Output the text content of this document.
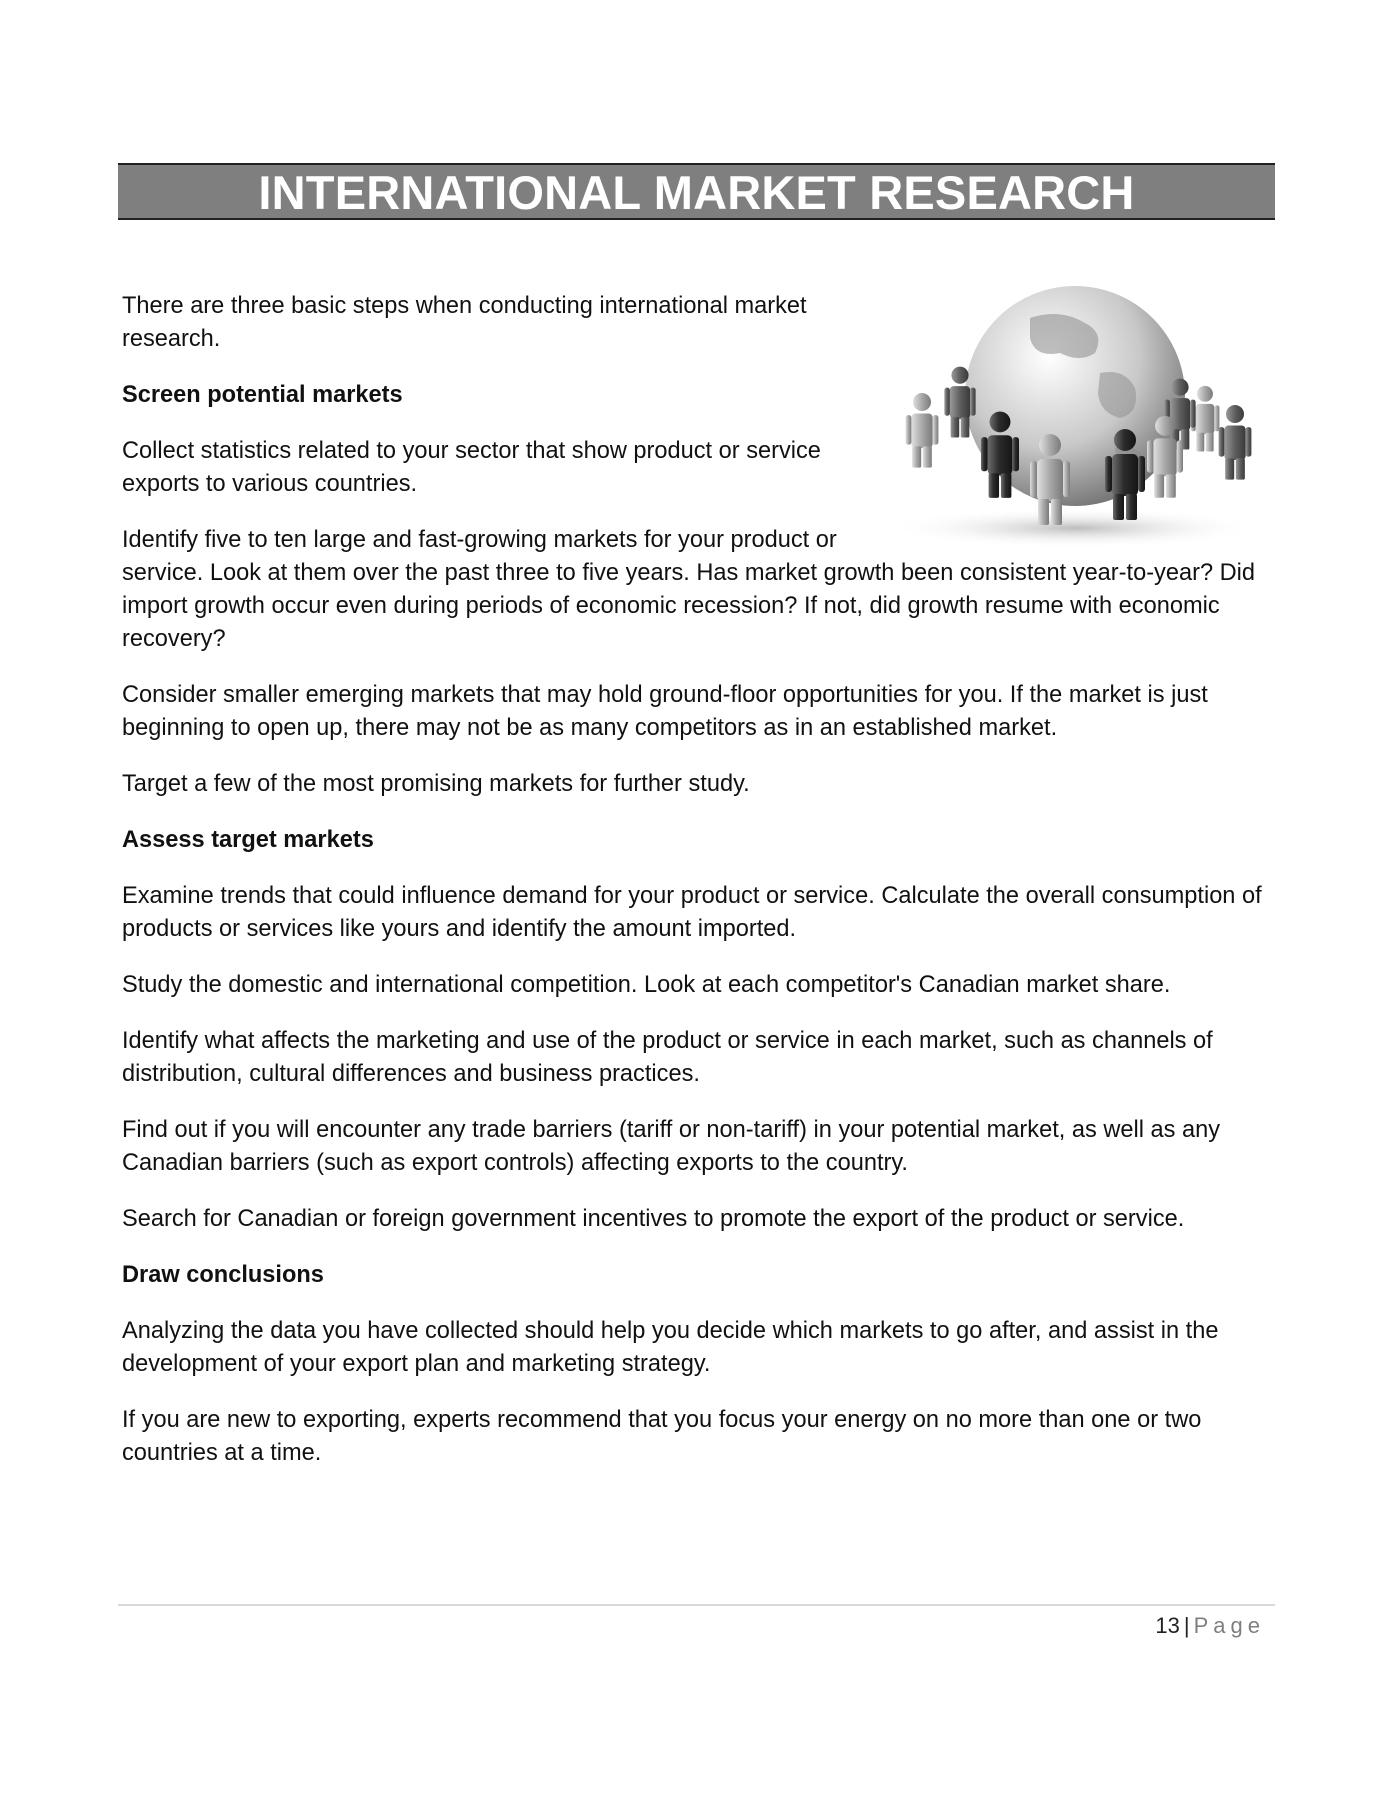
INTERNATIONAL MARKET RESEARCH

There are three basic steps when conducting international market research.

Screen potential markets

Collect statistics related to your sector that show product or service exports to various countries.

Identify five to ten large and fast-growing markets for your product or service. Look at them over the past three to five years. Has market growth been consistent year-to-year? Did import growth occur even during periods of economic recession? If not, did growth resume with economic recovery?

Consider smaller emerging markets that may hold ground-floor opportunities for you. If the market is just beginning to open up, there may not be as many competitors as in an established market.

Target a few of the most promising markets for further study.

Assess target markets

Examine trends that could influence demand for your product or service. Calculate the overall consumption of products or services like yours and identify the amount imported.

Study the domestic and international competition. Look at each competitor's Canadian market share.

Identify what affects the marketing and use of the product or service in each market, such as channels of distribution, cultural differences and business practices.

Find out if you will encounter any trade barriers (tariff or non-tariff) in your potential market, as well as any Canadian barriers (such as export controls) affecting exports to the country.

Search for Canadian or foreign government incentives to promote the export of the product or service.

Draw conclusions

Analyzing the data you have collected should help you decide which markets to go after, and assist in the development of your export plan and marketing strategy.

If you are new to exporting, experts recommend that you focus your energy on no more than one or two countries at a time.

13 | Page
